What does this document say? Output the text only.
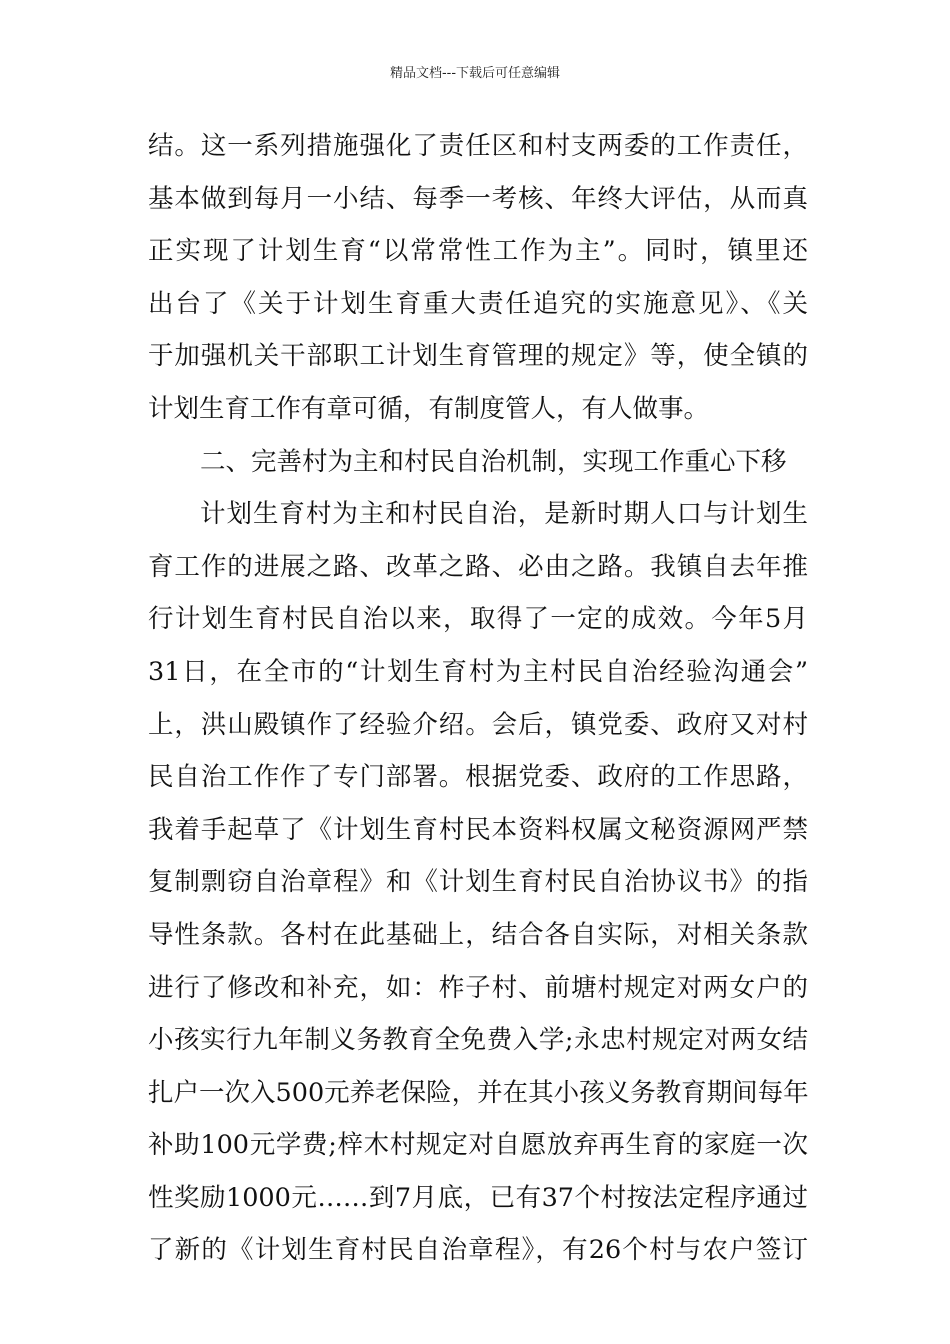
精品文档---下载后可任意编辑
结。这一系列措施强化了责任区和村支两委的工作责任，
基本做到每月一小结、每季一考核、年终大评估，从而真
正实现了计划生育“以常常性工作为主”。同时，镇里还
出台了《关于计划生育重大责任追究的实施意见》、《关
于加强机关干部职工计划生育管理的规定》等，使全镇的
计划生育工作有章可循，有制度管人，有人做事。
二、完善村为主和村民自治机制，实现工作重心下移
计划生育村为主和村民自治，是新时期人口与计划生
育工作的进展之路、改革之路、必由之路。我镇自去年推
行计划生育村民自治以来，取得了一定的成效。今年5月
31日，在全市的“计划生育村为主村民自治经验沟通会”
上，洪山殿镇作了经验介绍。会后，镇党委、政府又对村
民自治工作作了专门部署。根据党委、政府的工作思路，
我着手起草了《计划生育村民本资料权属文秘资源网严禁
复制剽窃自治章程》和《计划生育村民自治协议书》的指
导性条款。各村在此基础上，结合各自实际，对相关条款
进行了修改和补充，如：柞子村、前塘村规定对两女户的
小孩实行九年制义务教育全免费入学;永忠村规定对两女结
扎户一次入500元养老保险，并在其小孩义务教育期间每年
补助100元学费;梓木村规定对自愿放弃再生育的家庭一次
性奖励1000元……到7月底，已有37个村按法定程序通过
了新的《计划生育村民自治章程》，有26个村与农户签订
